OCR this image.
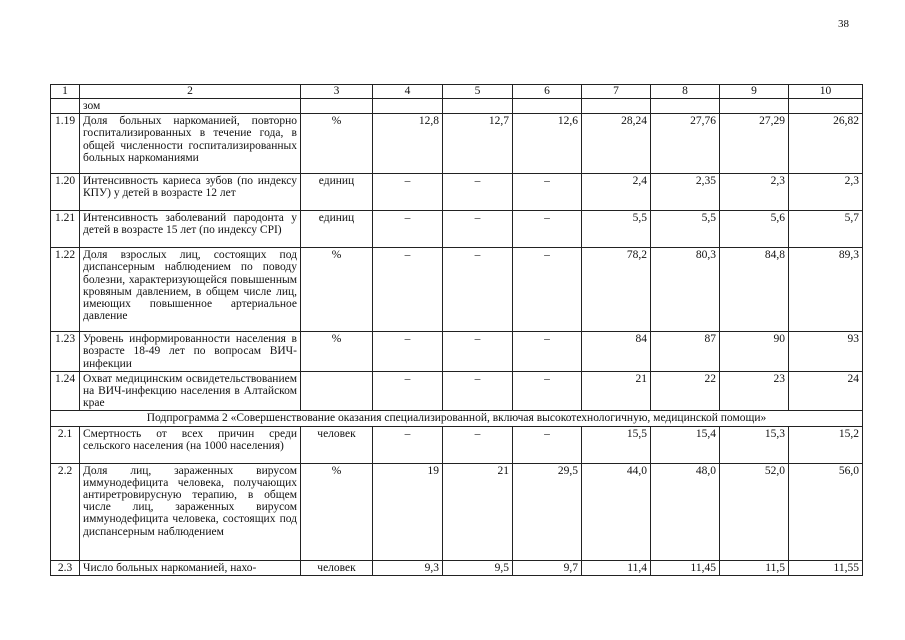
38
1	2	3	4	5	6	7	8	9	10
	зом								
1.19	Доля больных наркоманией, повторно госпитализированных в течение года, в общей численности госпитализированных больных наркоманиями	%	12,8	12,7	12,6	28,24	27,76	27,29	26,82
1.20	Интенсивность кариеса зубов (по индексу КПУ) у детей в возрасте 12 лет	единиц	–	–	–	2,4	2,35	2,3	2,3
1.21	Интенсивность заболеваний пародонта у детей в возрасте 15 лет (по индексу CPI)	единиц	–	–	–	5,5	5,5	5,6	5,7
1.22	Доля взрослых лиц, состоящих под диспансерным наблюдением по поводу болезни, характеризующейся повышенным кровяным давлением, в общем числе лиц, имеющих повышенное артериальное давление	%	–	–	–	78,2	80,3	84,8	89,3
1.23	Уровень информированности населения в возрасте 18-49 лет по вопросам ВИЧ-инфекции	%	–	–	–	84	87	90	93
1.24	Охват медицинским освидетельствованием на ВИЧ-инфекцию населения в Алтайском крае		–	–	–	21	22	23	24
Подпрограмма 2 «Совершенствование оказания специализированной, включая высокотехнологичную, медицинской помощи»									
2.1	Смертность от всех причин среди сельского населения (на 1000 населения)	человек	–	–	–	15,5	15,4	15,3	15,2
2.2	Доля лиц, зараженных вирусом иммунодефицита человека, получающих антиретровирусную терапию, в общем числе лиц, зараженных вирусом иммунодефицита человека, состоящих под диспансерным наблюдением	%	19	21	29,5	44,0	48,0	52,0	56,0
2.3	Число больных наркоманией, нахо-	человек	9,3	9,5	9,7	11,4	11,45	11,5	11,55
